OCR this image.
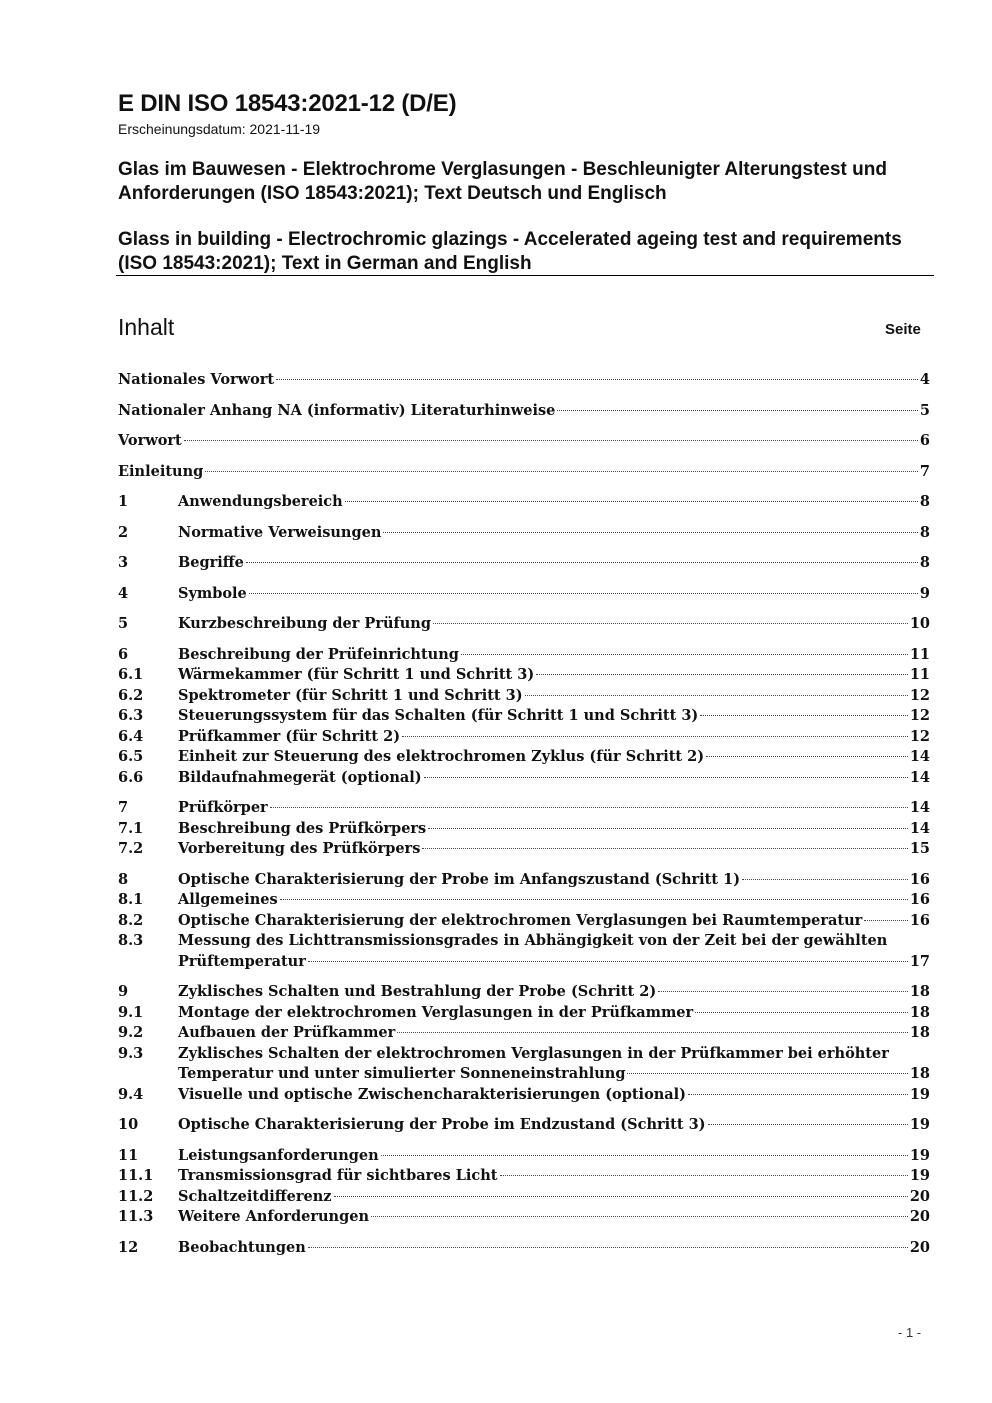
E DIN ISO 18543:2021-12 (D/E)
Erscheinungsdatum: 2021-11-19
Glas im Bauwesen - Elektrochrome Verglasungen - Beschleunigter Alterungstest und Anforderungen (ISO 18543:2021); Text Deutsch und Englisch
Glass in building - Electrochromic glazings - Accelerated ageing test and requirements (ISO 18543:2021); Text in German and English
Inhalt	Seite
Nationales Vorwort	4
Nationaler Anhang NA (informativ) Literaturhinweise	5
Vorwort	6
Einleitung	7
1	Anwendungsbereich	8
2	Normative Verweisungen	8
3	Begriffe	8
4	Symbole	9
5	Kurzbeschreibung der Prüfung	10
6	Beschreibung der Prüfeinrichtung	11
6.1	Wärmekammer (für Schritt 1 und Schritt 3)	11
6.2	Spektrometer (für Schritt 1 und Schritt 3)	12
6.3	Steuerungssystem für das Schalten (für Schritt 1 und Schritt 3)	12
6.4	Prüfkammer (für Schritt 2)	12
6.5	Einheit zur Steuerung des elektrochromen Zyklus (für Schritt 2)	14
6.6	Bildaufnahmegerät (optional)	14
7	Prüfkörper	14
7.1	Beschreibung des Prüfkörpers	14
7.2	Vorbereitung des Prüfkörpers	15
8	Optische Charakterisierung der Probe im Anfangszustand (Schritt 1)	16
8.1	Allgemeines	16
8.2	Optische Charakterisierung der elektrochromen Verglasungen bei Raumtemperatur	16
8.3	Messung des Lichttransmissionsgrades in Abhängigkeit von der Zeit bei der gewählten
Prüftemperatur	17
9	Zyklisches Schalten und Bestrahlung der Probe (Schritt 2)	18
9.1	Montage der elektrochromen Verglasungen in der Prüfkammer	18
9.2	Aufbauen der Prüfkammer	18
9.3	Zyklisches Schalten der elektrochromen Verglasungen in der Prüfkammer bei erhöhter
Temperatur und unter simulierter Sonneneinstrahlung	18
9.4	Visuelle und optische Zwischencharakterisierungen (optional)	19
10	Optische Charakterisierung der Probe im Endzustand (Schritt 3)	19
11	Leistungsanforderungen	19
11.1	Transmissionsgrad für sichtbares Licht	19
11.2	Schaltzeitdifferenz	20
11.3	Weitere Anforderungen	20
12	Beobachtungen	20
- 1 -
